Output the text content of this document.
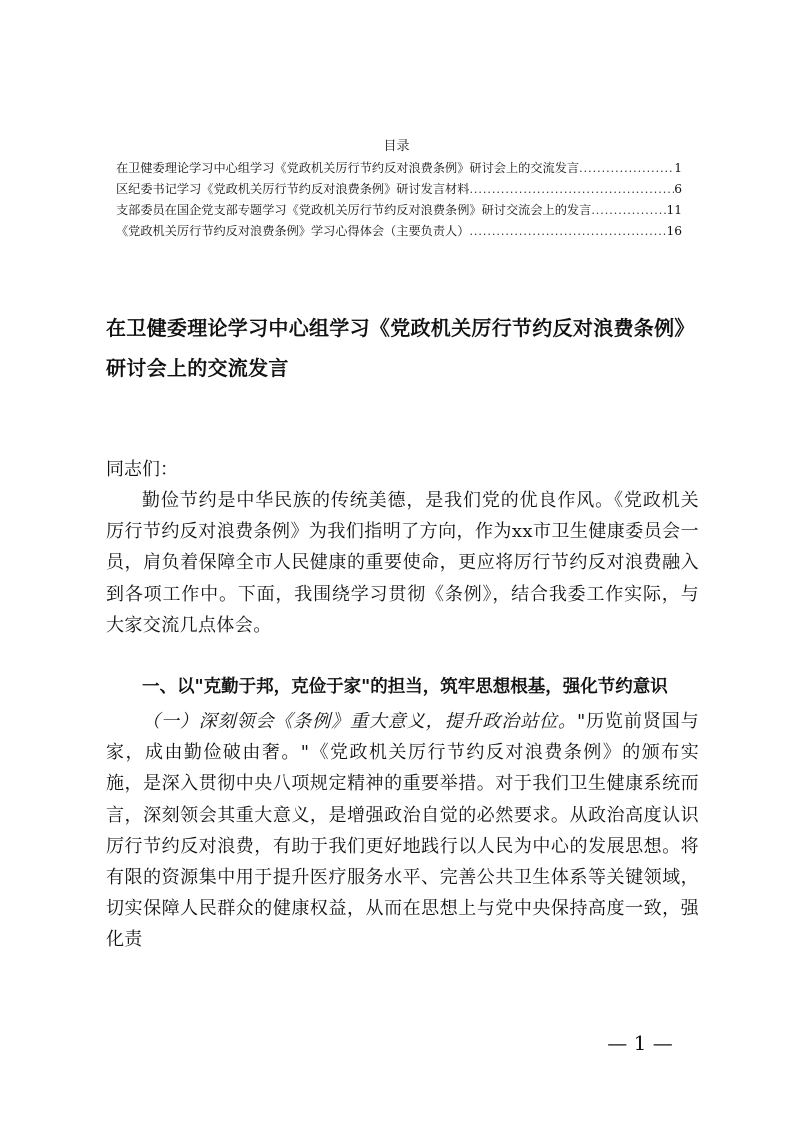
目录
在卫健委理论学习中心组学习《党政机关厉行节约反对浪费条例》研讨会上的交流发言 .....	1
区纪委书记学习《党政机关厉行节约反对浪费条例》研讨发言材料 .....	6
支部委员在国企党支部专题学习《党政机关厉行节约反对浪费条例》研讨交流会上的发言 .....	11
《党政机关厉行节约反对浪费条例》学习心得体会（主要负责人） .....	16
在卫健委理论学习中心组学习《党政机关厉行节约反对浪费条例》研讨会上的交流发言

同志们：

勤俭节约是中华民族的传统美德，是我们党的优良作风。《党政机关厉行节约反对浪费条例》为我们指明了方向，作为xx市卫生健康委员会一员，肩负着保障全市人民健康的重要使命，更应将厉行节约反对浪费融入到各项工作中。下面，我围绕学习贯彻《条例》，结合我委工作实际，与大家交流几点体会。

一、以"克勤于邦，克俭于家"的担当，筑牢思想根基，强化节约意识

（一）深刻领会《条例》重大意义，提升政治站位。"历览前贤国与家，成由勤俭破由奢。"《党政机关厉行节约反对浪费条例》的颁布实施，是深入贯彻中央八项规定精神的重要举措。对于我们卫生健康系统而言，深刻领会其重大意义，是增强政治自觉的必然要求。从政治高度认识厉行节约反对浪费，有助于我们更好地践行以人民为中心的发展思想。将有限的资源集中用于提升医疗服务水平、完善公共卫生体系等关键领域，切实保障人民群众的健康权益，从而在思想上与党中央保持高度一致，强化责

— 1 —
